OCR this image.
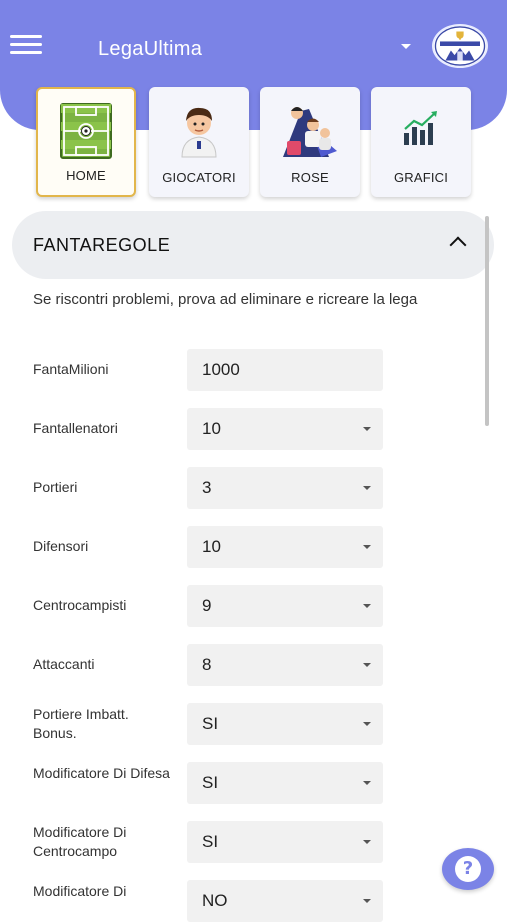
LegaUltima
HOME	GIOCATORI	ROSE	GRAFICI
FANTAREGOLE
Se riscontri problemi, prova ad eliminare e ricreare la lega
FantaMilioni	1000
Fantallenatori	10
Portieri	3
Difensori	10
Centrocampisti	9
Attaccanti	8
Portiere Imbatt. Bonus.	SI
Modificatore Di Difesa SI
Modificatore Di Centrocampo	SI
Modificatore Di	NO
?
